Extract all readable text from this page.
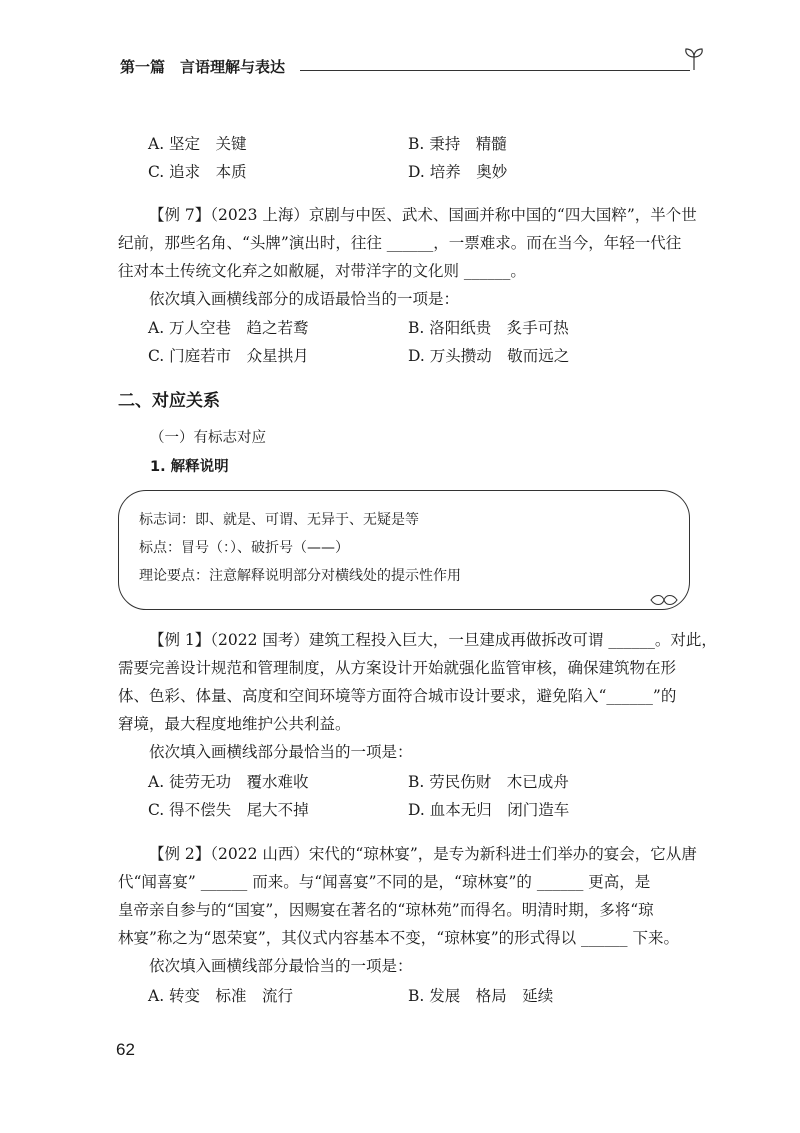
第一篇　言语理解与表达
A. 坚定　关键	B. 秉持　精髓
C. 追求　本质	D. 培养　奥妙
【例 7】（2023 上海）京剧与中医、武术、国画并称中国的“四大国粹”，半个世
纪前，那些名角、“头牌”演出时，往往 ______，一票难求。而在当今，年轻一代往
往对本土传统文化弃之如敝屣，对带洋字的文化则 ______。
依次填入画横线部分的成语最恰当的一项是：
A. 万人空巷　趋之若鹜	B. 洛阳纸贵　炙手可热
C. 门庭若市　众星拱月	D. 万头攒动　敬而远之
二、对应关系
（一）有标志对应
1. 解释说明
标志词：即、就是、可谓、无异于、无疑是等
标点：冒号（：）、破折号（——）
理论要点：注意解释说明部分对横线处的提示性作用
【例 1】（2022 国考）建筑工程投入巨大，一旦建成再做拆改可谓 ______。对此，
需要完善设计规范和管理制度，从方案设计开始就强化监管审核，确保建筑物在形
体、色彩、体量、高度和空间环境等方面符合城市设计要求，避免陷入“______”的
窘境，最大程度地维护公共利益。
依次填入画横线部分最恰当的一项是：
A. 徒劳无功　覆水难收	B. 劳民伤财　木已成舟
C. 得不偿失　尾大不掉	D. 血本无归　闭门造车
【例 2】（2022 山西）宋代的“琼林宴”，是专为新科进士们举办的宴会，它从唐
代“闻喜宴” ______ 而来。与“闻喜宴”不同的是，“琼林宴”的 ______ 更高，是
皇帝亲自参与的“国宴”，因赐宴在著名的“琼林苑”而得名。明清时期，多将“琼
林宴”称之为“恩荣宴”，其仪式内容基本不变，“琼林宴”的形式得以 ______ 下来。
依次填入画横线部分最恰当的一项是：
A. 转变　标准　流行	B. 发展　格局　延续
62
